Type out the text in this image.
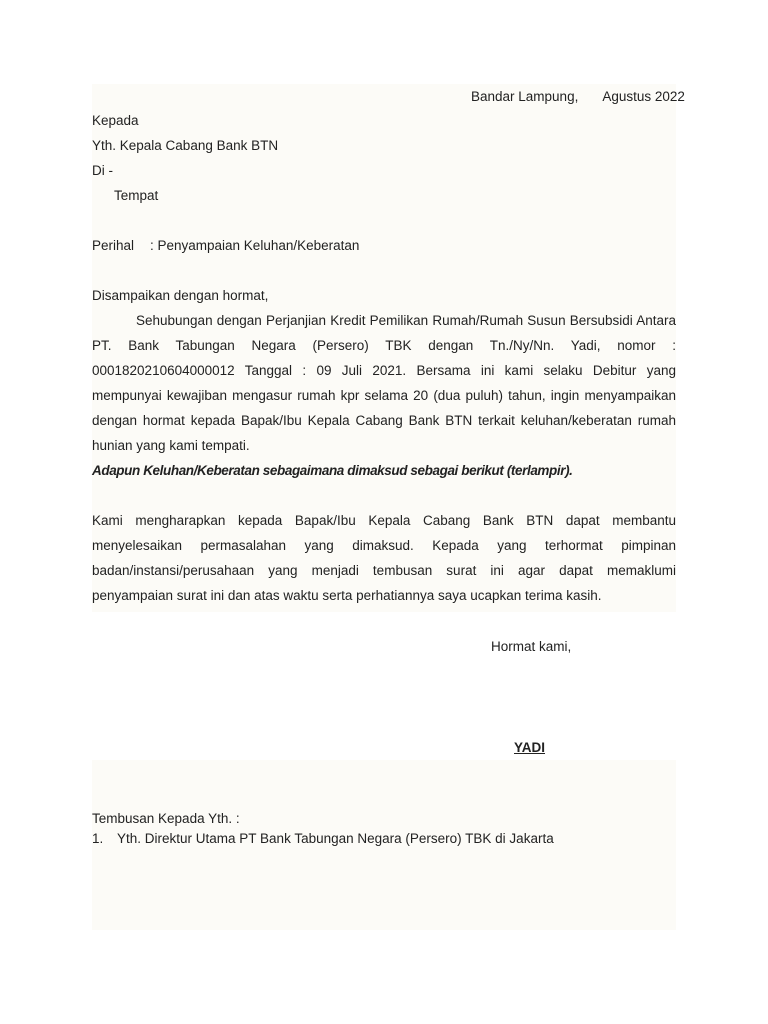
Bandar Lampung, Agustus 2022
Kepada
Yth. Kepala Cabang Bank BTN
Di -
Tempat
Perihal : Penyampaian Keluhan/Keberatan
Disampaikan dengan hormat,

Sehubungan dengan Perjanjian Kredit Pemilikan Rumah/Rumah Susun Bersubsidi Antara PT. Bank Tabungan Negara (Persero) TBK dengan Tn./Ny/Nn. Yadi, nomor : 0001820210604000012 Tanggal : 09 Juli 2021. Bersama ini kami selaku Debitur yang mempunyai kewajiban mengasur rumah kpr selama 20 (dua puluh) tahun, ingin menyampaikan dengan hormat kepada Bapak/Ibu Kepala Cabang Bank BTN terkait keluhan/keberatan rumah hunian yang kami tempati.

Adapun Keluhan/Keberatan sebagaimana dimaksud sebagai berikut (terlampir).

Kami mengharapkan kepada Bapak/Ibu Kepala Cabang Bank BTN dapat membantu menyelesaikan permasalahan yang dimaksud. Kepada yang terhormat pimpinan badan/instansi/perusahaan yang menjadi tembusan surat ini agar dapat memaklumi penyampaian surat ini dan atas waktu serta perhatiannya saya ucapkan terima kasih.

Hormat kami,
YADI
Tembusan Kepada Yth. :
1. Yth. Direktur Utama PT Bank Tabungan Negara (Persero) TBK di Jakarta
